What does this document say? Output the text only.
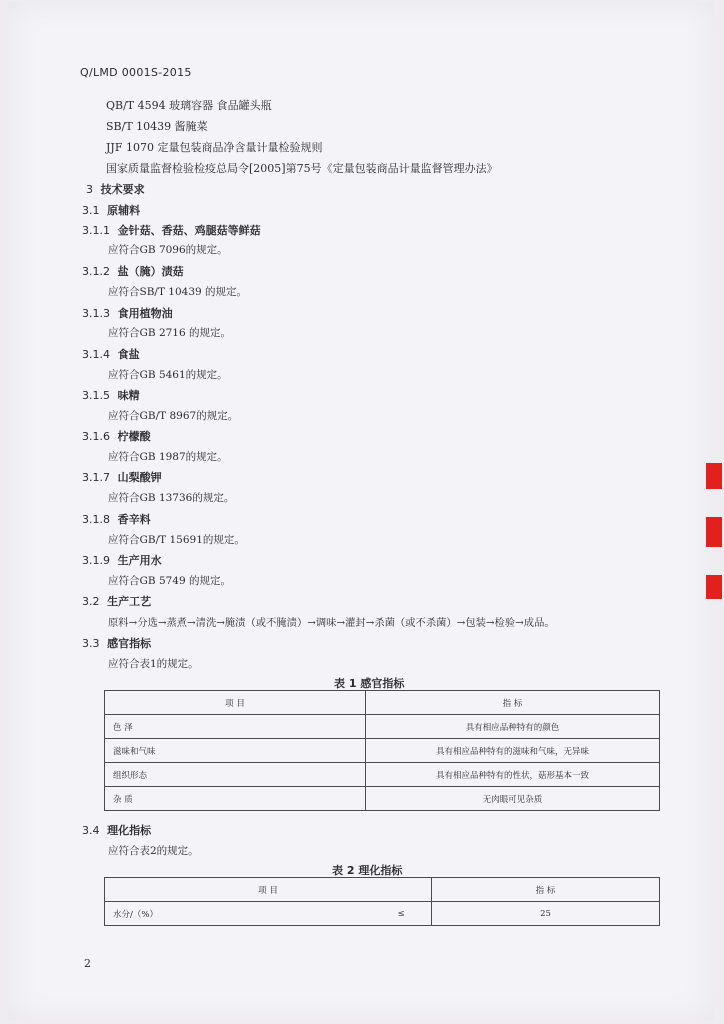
Q/LMD 0001S-2015
QB/T 4594 玻璃容器 食品罐头瓶
SB/T 10439 酱腌菜
JJF 1070 定量包装商品净含量计量检验规则
国家质量监督检验检疫总局令[2005]第75号《定量包装商品计量监督管理办法》
3 技术要求
3.1 原辅料
3.1.1 金针菇、香菇、鸡腿菇等鲜菇
应符合GB 7096的规定。
3.1.2 盐（腌）渍菇
应符合SB/T 10439 的规定。
3.1.3 食用植物油
应符合GB 2716 的规定。
3.1.4 食盐
应符合GB 5461的规定。
3.1.5 味精
应符合GB/T 8967的规定。
3.1.6 柠檬酸
应符合GB 1987的规定。
3.1.7 山梨酸钾
应符合GB 13736的规定。
3.1.8 香辛料
应符合GB/T 15691的规定。
3.1.9 生产用水
应符合GB 5749 的规定。
3.2 生产工艺
原料→分选→蒸煮→清洗→腌渍（或不腌渍）→调味→灌封→杀菌（或不杀菌）→包装→检验→成品。
3.3 感官指标
应符合表1的规定。
表 1 感官指标
项 目	指 标
色 泽	具有相应品种特有的颜色
滋味和气味	具有相应品种特有的滋味和气味，无异味
组织形态	具有相应品种特有的性状，菇形基本一致
杂 质	无肉眼可见杂质
3.4 理化指标
应符合表2的规定。
表 2 理化指标
项 目		指 标
水分/（%）	≤	25
2
